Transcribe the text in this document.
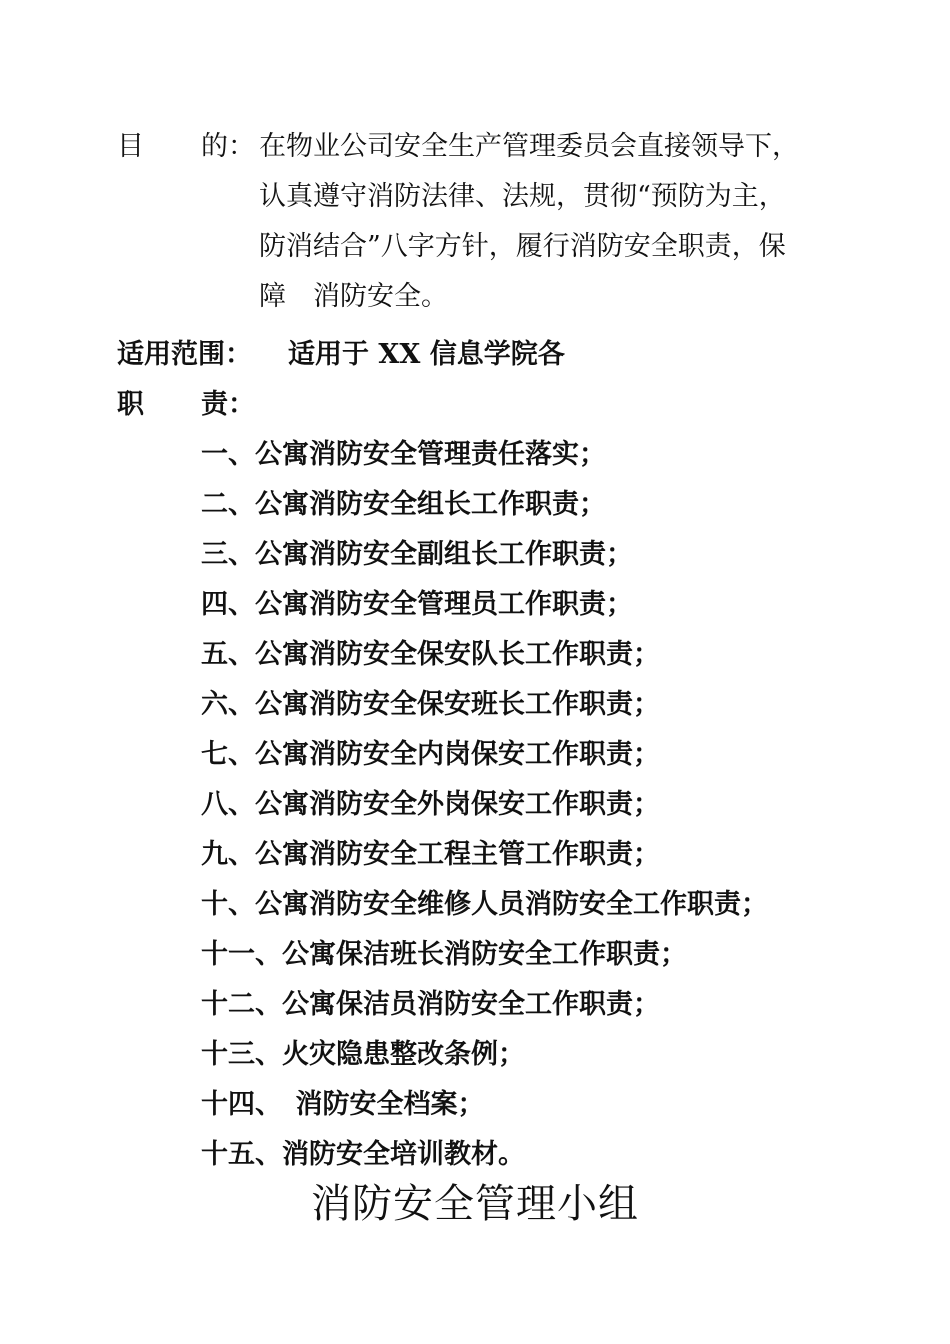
目 的： 在物业公司安全生产管理委员会直接领导下，
认真遵守消防法律、法规，贯彻“预防为主，
防消结合”八字方针，履行消防安全职责，保
障　消防安全。
适用范围： 适用于 XX 信息学院各
职 责：
一、公寓消防安全管理责任落实；
二、公寓消防安全组长工作职责；
三、公寓消防安全副组长工作职责；
四、公寓消防安全管理员工作职责；
五、公寓消防安全保安队长工作职责；
六、公寓消防安全保安班长工作职责；
七、公寓消防安全内岗保安工作职责；
八、公寓消防安全外岗保安工作职责；
九、公寓消防安全工程主管工作职责；
十、公寓消防安全维修人员消防安全工作职责；
十一、公寓保洁班长消防安全工作职责；
十二、公寓保洁员消防安全工作职责；
十三、火灾隐患整改条例；
十四、　消防安全档案；
十五、消防安全培训教材。
消防安全管理小组
